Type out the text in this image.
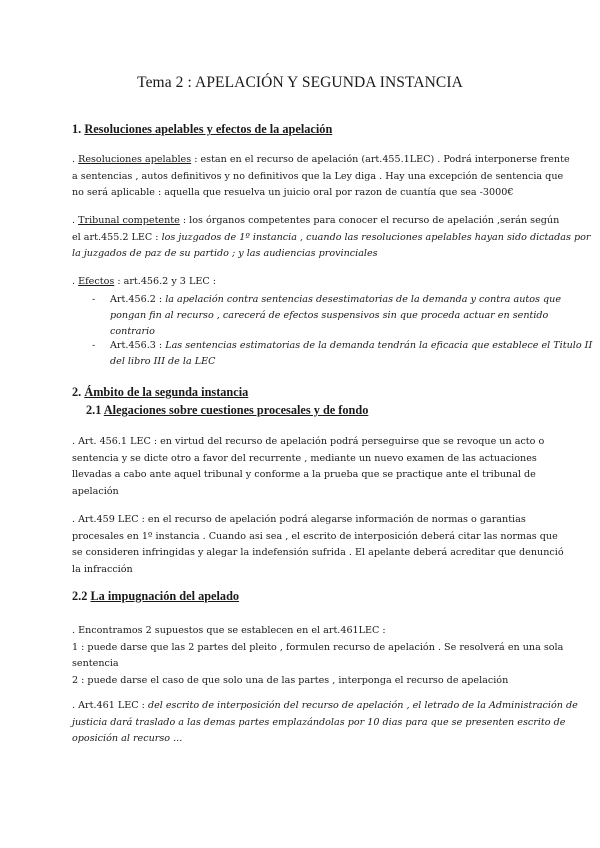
Tema 2 : APELACIÓN Y SEGUNDA INSTANCIA
1. Resoluciones apelables y efectos de la apelación
. Resoluciones apelables : estan en el recurso de apelación (art.455.1LEC) . Podrá interponerse frente
a sentencias , autos definitivos y no definitivos que la Ley diga . Hay una excepción de sentencia que
no será aplicable : aquella que resuelva un juicio oral por razon de cuantía que sea -3000€
. Tribunal competente : los órganos competentes para conocer el recurso de apelación ,serán según
el art.455.2 LEC : los juzgados de 1º instancia , cuando las resoluciones apelables hayan sido dictadas por
la juzgados de paz de su partido ; y las audiencias provinciales
. Efectos : art.456.2 y 3 LEC :
- Art.456.2 : la apelación contra sentencias desestimatorias de la demanda y contra autos que
pongan fin al recurso , carecerá de efectos suspensivos sin que proceda actuar en sentido
contrario
- Art.456.3 : Las sentencias estimatorias de la demanda tendrán la eficacia que establece el Titulo II
del libro III de la LEC
2. Ámbito de la segunda instancia
2.1 Alegaciones sobre cuestiones procesales y de fondo
. Art. 456.1 LEC : en virtud del recurso de apelación podrá perseguirse que se revoque un acto o
sentencia y se dicte otro a favor del recurrente , mediante un nuevo examen de las actuaciones
llevadas a cabo ante aquel tribunal y conforme a la prueba que se practique ante el tribunal de
apelación
. Art.459 LEC : en el recurso de apelación podrá alegarse información de normas o garantias
procesales en 1º instancia . Cuando asi sea , el escrito de interposición deberá citar las normas que
se consideren infringidas y alegar la indefensión sufrida . El apelante deberá acreditar que denunció
la infracción
2.2 La impugnación del apelado
. Encontramos 2 supuestos que se establecen en el art.461LEC :
1 : puede darse que las 2 partes del pleito , formulen recurso de apelación . Se resolverá en una sola
sentencia
2 : puede darse el caso de que solo una de las partes , interponga el recurso de apelación
. Art.461 LEC : del escrito de interposición del recurso de apelación , el letrado de la Administración de
justicia dará traslado a las demas partes emplazándolas por 10 dias para que se presenten escrito de
oposición al recurso ...
